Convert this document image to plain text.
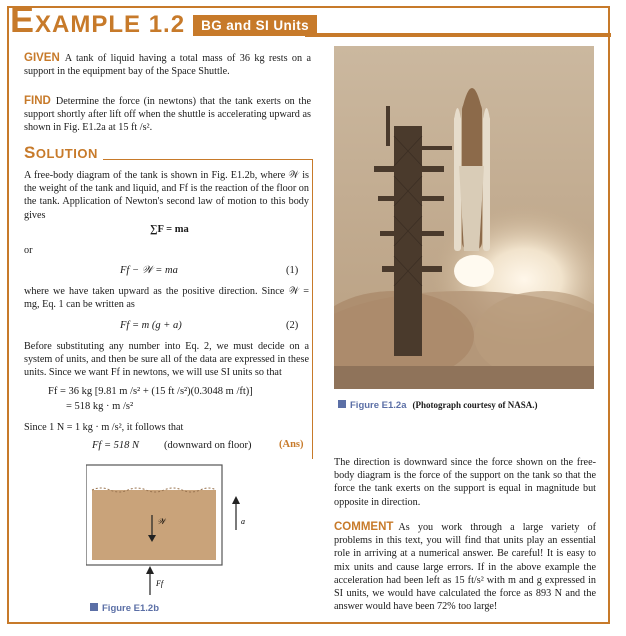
EXAMPLE 1.2	BG and SI Units
GIVEN A tank of liquid having a total mass of 36 kg rests on a support in the equipment bay of the Space Shuttle.
FIND Determine the force (in newtons) that the tank exerts on the support shortly after lift off when the shuttle is accelerating upward as shown in Fig. E1.2a at 15 ft /s².
SOLUTION
A free-body diagram of the tank is shown in Fig. E1.2b, where 𝒲 is the weight of the tank and liquid, and Ff is the reaction of the floor on the tank. Application of Newton's second law of motion to this body gives
∑F = ma
or
Ff − 𝒲 = ma	(1)
where we have taken upward as the positive direction. Since 𝒲 = mg, Eq. 1 can be written as
Ff = m (g + a)	(2)
Before substituting any number into Eq. 2, we must decide on a system of units, and then be sure all of the data are expressed in these units. Since we want Ff in newtons, we will use SI units so that
Ff = 36 kg [9.81 m /s² + (15 ft /s²)(0.3048 m /ft)]
= 518 kg · m /s²
Since 1 N = 1 kg · m /s², it follows that
Ff = 518 N (downward on floor)	(Ans)
𝒲	a
Ff
Figure E1.2b
Figure E1.2a (Photograph courtesy of NASA.)
The direction is downward since the force shown on the free-body diagram is the force of the support on the tank so that the force the tank exerts on the support is equal in magnitude but opposite in direction.
COMMENT As you work through a large variety of problems in this text, you will find that units play an essential role in arriving at a numerical answer. Be careful! It is easy to mix units and cause large errors. If in the above example the acceleration had been left as 15 ft/s² with m and g expressed in SI units, we would have calculated the force as 893 N and the answer would have been 72% too large!
